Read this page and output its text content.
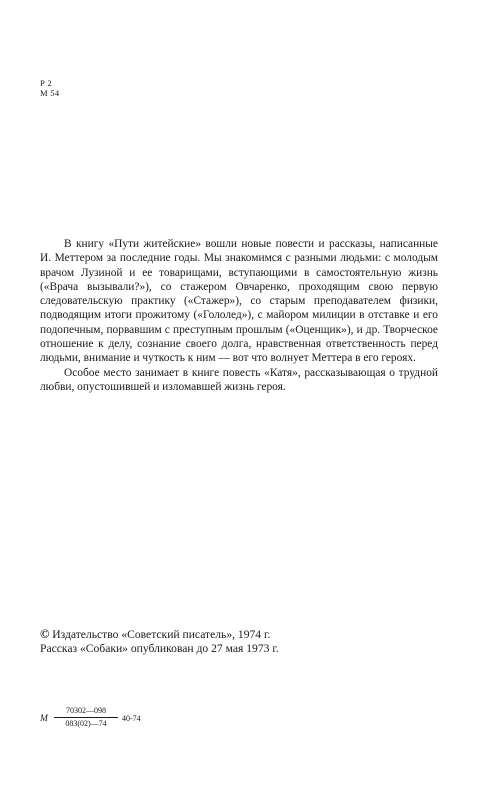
Р 2
М 54

В книгу «Пути житейские» вошли новые повести и рассказы, написанные И. Меттером за последние годы. Мы знакомимся с разными людьми: с молодым врачом Лузиной и ее товарищами, вступающими в самостоятельную жизнь («Врача вызывали?»), со стажером Овчаренко, проходящим свою первую следовательскую практику («Стажер»), со старым преподавателем физики, подводящим итоги прожитому («Гололед»), с майором милиции в отставке и его подопечным, порвавшим с преступным прошлым («Оценщик»), и др. Творческое отношение к делу, сознание своего долга, нравственная ответственность перед людьми, внимание и чуткость к ним — вот что волнует Меттера в его героях.

Особое место занимает в книге повесть «Катя», рассказывающая о трудной любви, опустошившей и изломавшей жизнь героя.

© Издательство «Советский писатель», 1974 г.
Рассказ «Собаки» опубликован до 27 мая 1973 г.
М $\frac{70302—098}{083(02)—74} 40-74$
